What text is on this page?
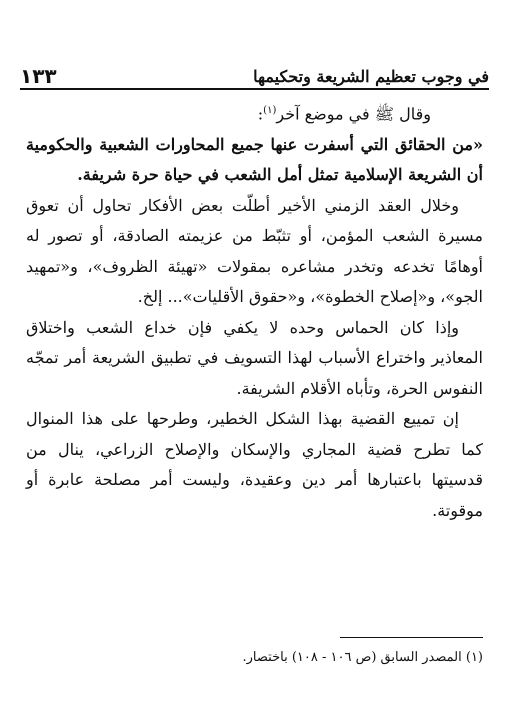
في وجوب تعظيم الشريعة وتحكيمها
١٣٣

وقال ﷺ في موضع آخر$^{(١)}$:

«من الحقائق التي أسفرت عنها جميع المحاورات الشعبية والحكومية أن الشريعة الإسلامية تمثل أمل الشعب في حياة حرة شريفة.

وخلال العقد الزمني الأخير أطلّت بعض الأفكار تحاول أن تعوق مسيرة الشعب المؤمن، أو تثبّط من عزيمته الصادقة، أو تصور له أوهامًا تخدعه وتخدر مشاعره بمقولات «تهيئة الظروف»، و«تمهيد الجو»، و«إصلاح الخطوة»، و«حقوق الأقليات»... إلخ.

وإذا كان الحماس وحده لا يكفي فإن خداع الشعب واختلاق المعاذير واختراع الأسباب لهذا التسويف في تطبيق الشريعة أمر تمجّه النفوس الحرة، وتأباه الأقلام الشريفة.

إن تمييع القضية بهذا الشكل الخطير، وطرحها على هذا المنوال كما تطرح قضية المجاري والإسكان والإصلاح الزراعي، ينال من قدسيتها باعتبارها أمر دين وعقيدة، وليست أمر مصلحة عابرة أو موقوتة.

(١) المصدر السابق (ص ١٠٦ - ١٠٨) باختصار.
